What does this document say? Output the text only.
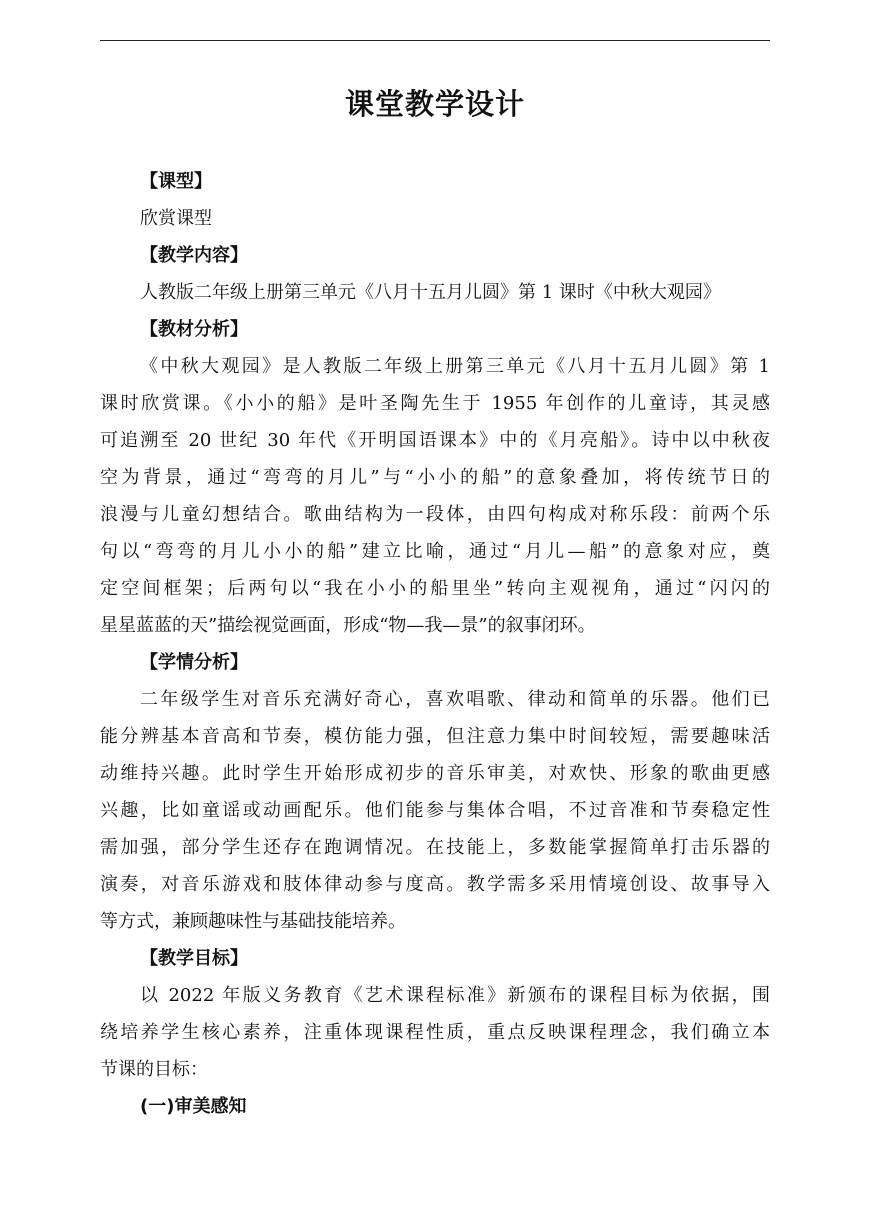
课堂教学设计
【课型】
欣赏课型
【教学内容】
人教版二年级上册第三单元《八月十五月儿圆》第 1 课时《中秋大观园》
【教材分析】
《中秋大观园》是人教版二年级上册第三单元《八月十五月儿圆》第 1
课时欣赏课。《小小的船》是叶圣陶先生于 1955 年创作的儿童诗，其灵感
可追溯至 20 世纪 30 年代《开明国语课本》中的《月亮船》。诗中以中秋夜
空为背景，通过“弯弯的月儿”与“小小的船”的意象叠加，将传统节日的
浪漫与儿童幻想结合。歌曲结构为一段体，由四句构成对称乐段：前两个乐
句以“弯弯的月儿小小的船”建立比喻，通过“月儿—船”的意象对应，奠
定空间框架；后两句以“我在小小的船里坐”转向主观视角，通过“闪闪的
星星蓝蓝的天”描绘视觉画面，形成“物—我—景”的叙事闭环。
【学情分析】
二年级学生对音乐充满好奇心，喜欢唱歌、律动和简单的乐器。他们已
能分辨基本音高和节奏，模仿能力强，但注意力集中时间较短，需要趣味活
动维持兴趣。此时学生开始形成初步的音乐审美，对欢快、形象的歌曲更感
兴趣，比如童谣或动画配乐。他们能参与集体合唱，不过音准和节奏稳定性
需加强，部分学生还存在跑调情况。在技能上，多数能掌握简单打击乐器的
演奏，对音乐游戏和肢体律动参与度高。教学需多采用情境创设、故事导入
等方式，兼顾趣味性与基础技能培养。
【教学目标】
以 2022 年版义务教育《艺术课程标准》新颁布的课程目标为依据，围
绕培养学生核心素养，注重体现课程性质，重点反映课程理念，我们确立本
节课的目标：
(一)审美感知
